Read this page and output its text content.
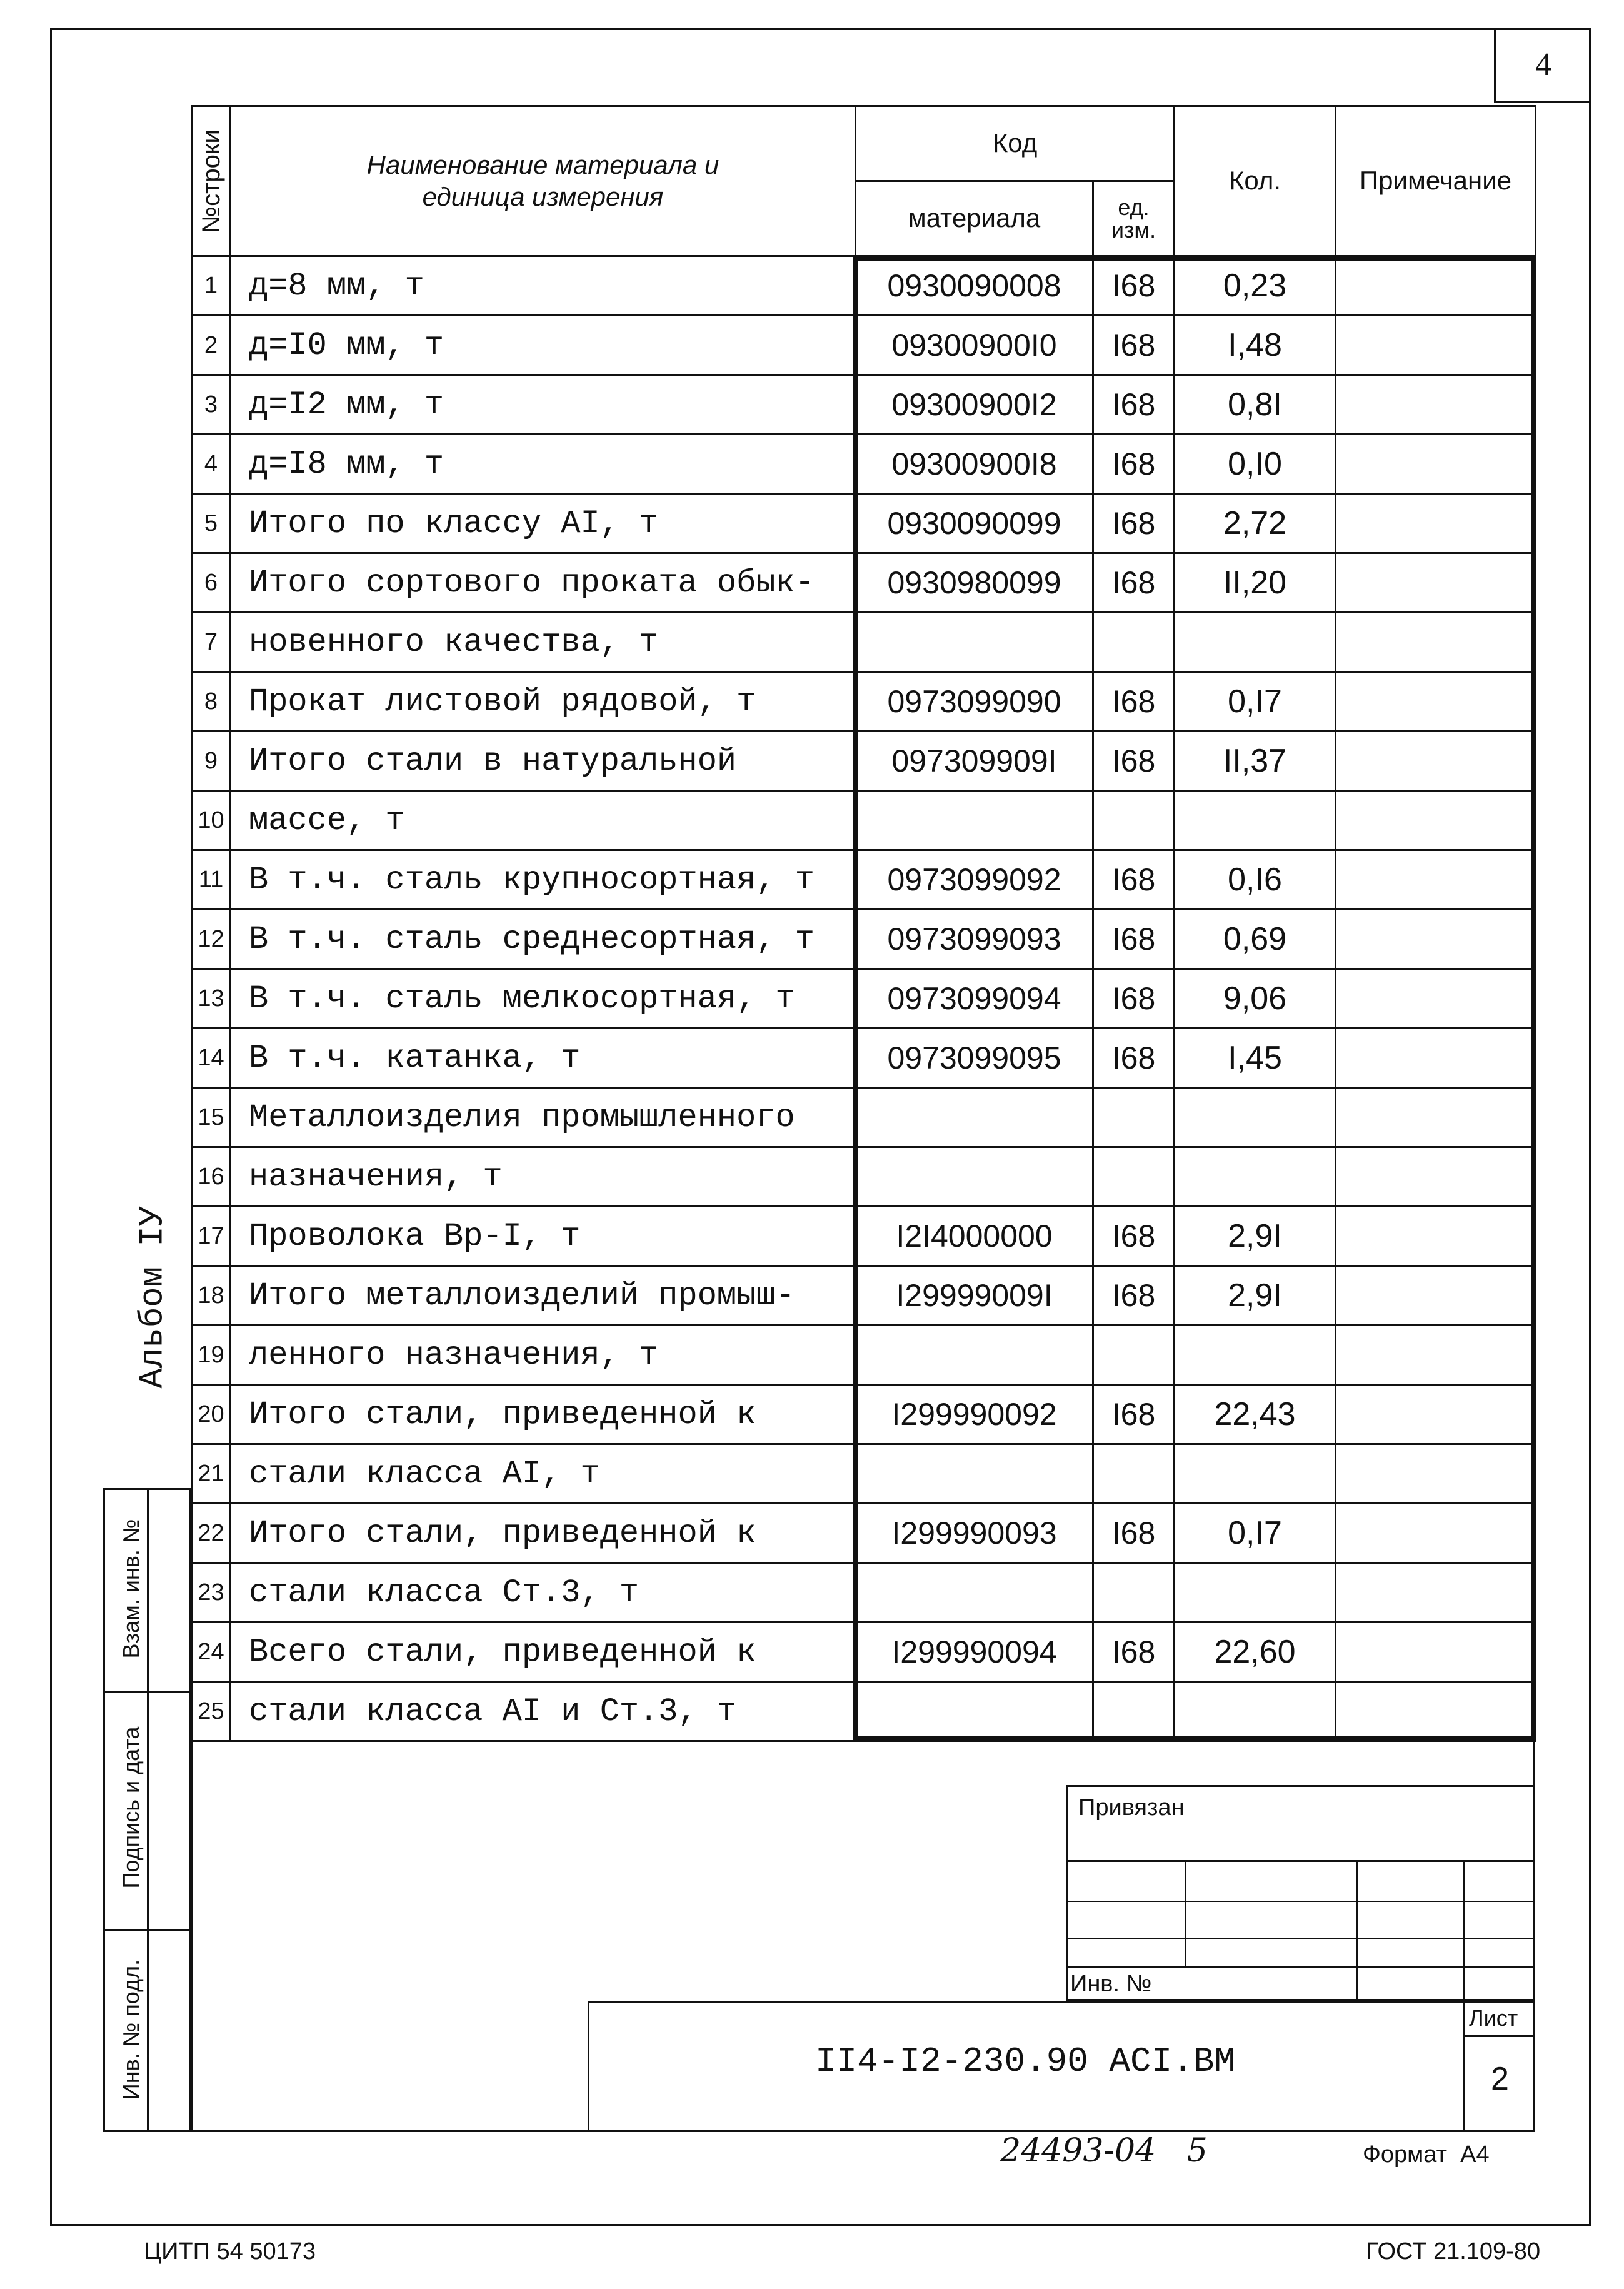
4
№строки	Наименование материала и
единица измерения	Код		Кол.	Примечание
		материала	ед.
изм.		
1	д=8 мм, т	0930090008	I68	0,23	
2	д=I0 мм, т	09300900I0	I68	I,48	
3	д=I2 мм, т	09300900I2	I68	0,8I	
4	д=I8 мм, т	09300900I8	I68	0,I0	
5	Итого по классу АI, т	0930090099	I68	2,72	
6	Итого сортового проката обык-	0930980099	I68	II,20	
7	новенного качества, т				
8	Прокат листовой рядовой, т	0973099090	I68	0,I7	
9	Итого стали в натуральной	097309909I	I68	II,37	
10	массе, т				
11	В т.ч. сталь крупносортная, т	0973099092	I68	0,I6	
12	В т.ч. сталь среднесортная, т	0973099093	I68	0,69	
13	В т.ч. сталь мелкосортная, т	0973099094	I68	9,06	
14	В т.ч. катанка, т	0973099095	I68	I,45	
15	Металлоизделия промышленного				
16	назначения, т				
17	Проволока Вр-I, т	I2I4000000	I68	2,9I	
18	Итого металлоизделий промыш-	I29999009I	I68	2,9I	
19	ленного назначения, т				
20	Итого стали, приведенной к	I299990092	I68	22,43	
21	стали класса АI, т				
22	Итого стали, приведенной к	I299990093	I68	0,I7	
23	стали класса Ст.3, т				
24	Всего стали, приведенной к	I299990094	I68	22,60	
25	стали класса АI и Ст.3, т				
Альбом IУ
Взам. инв. №
Подпись и дата
Инв. № подл.
Привязан
Инв. №
II4-I2-230.90 АСI.ВМ
Лист
2
24493-04   5	Формат  А4
ЦИТП 54 50173	ГОСТ 21.109-80
